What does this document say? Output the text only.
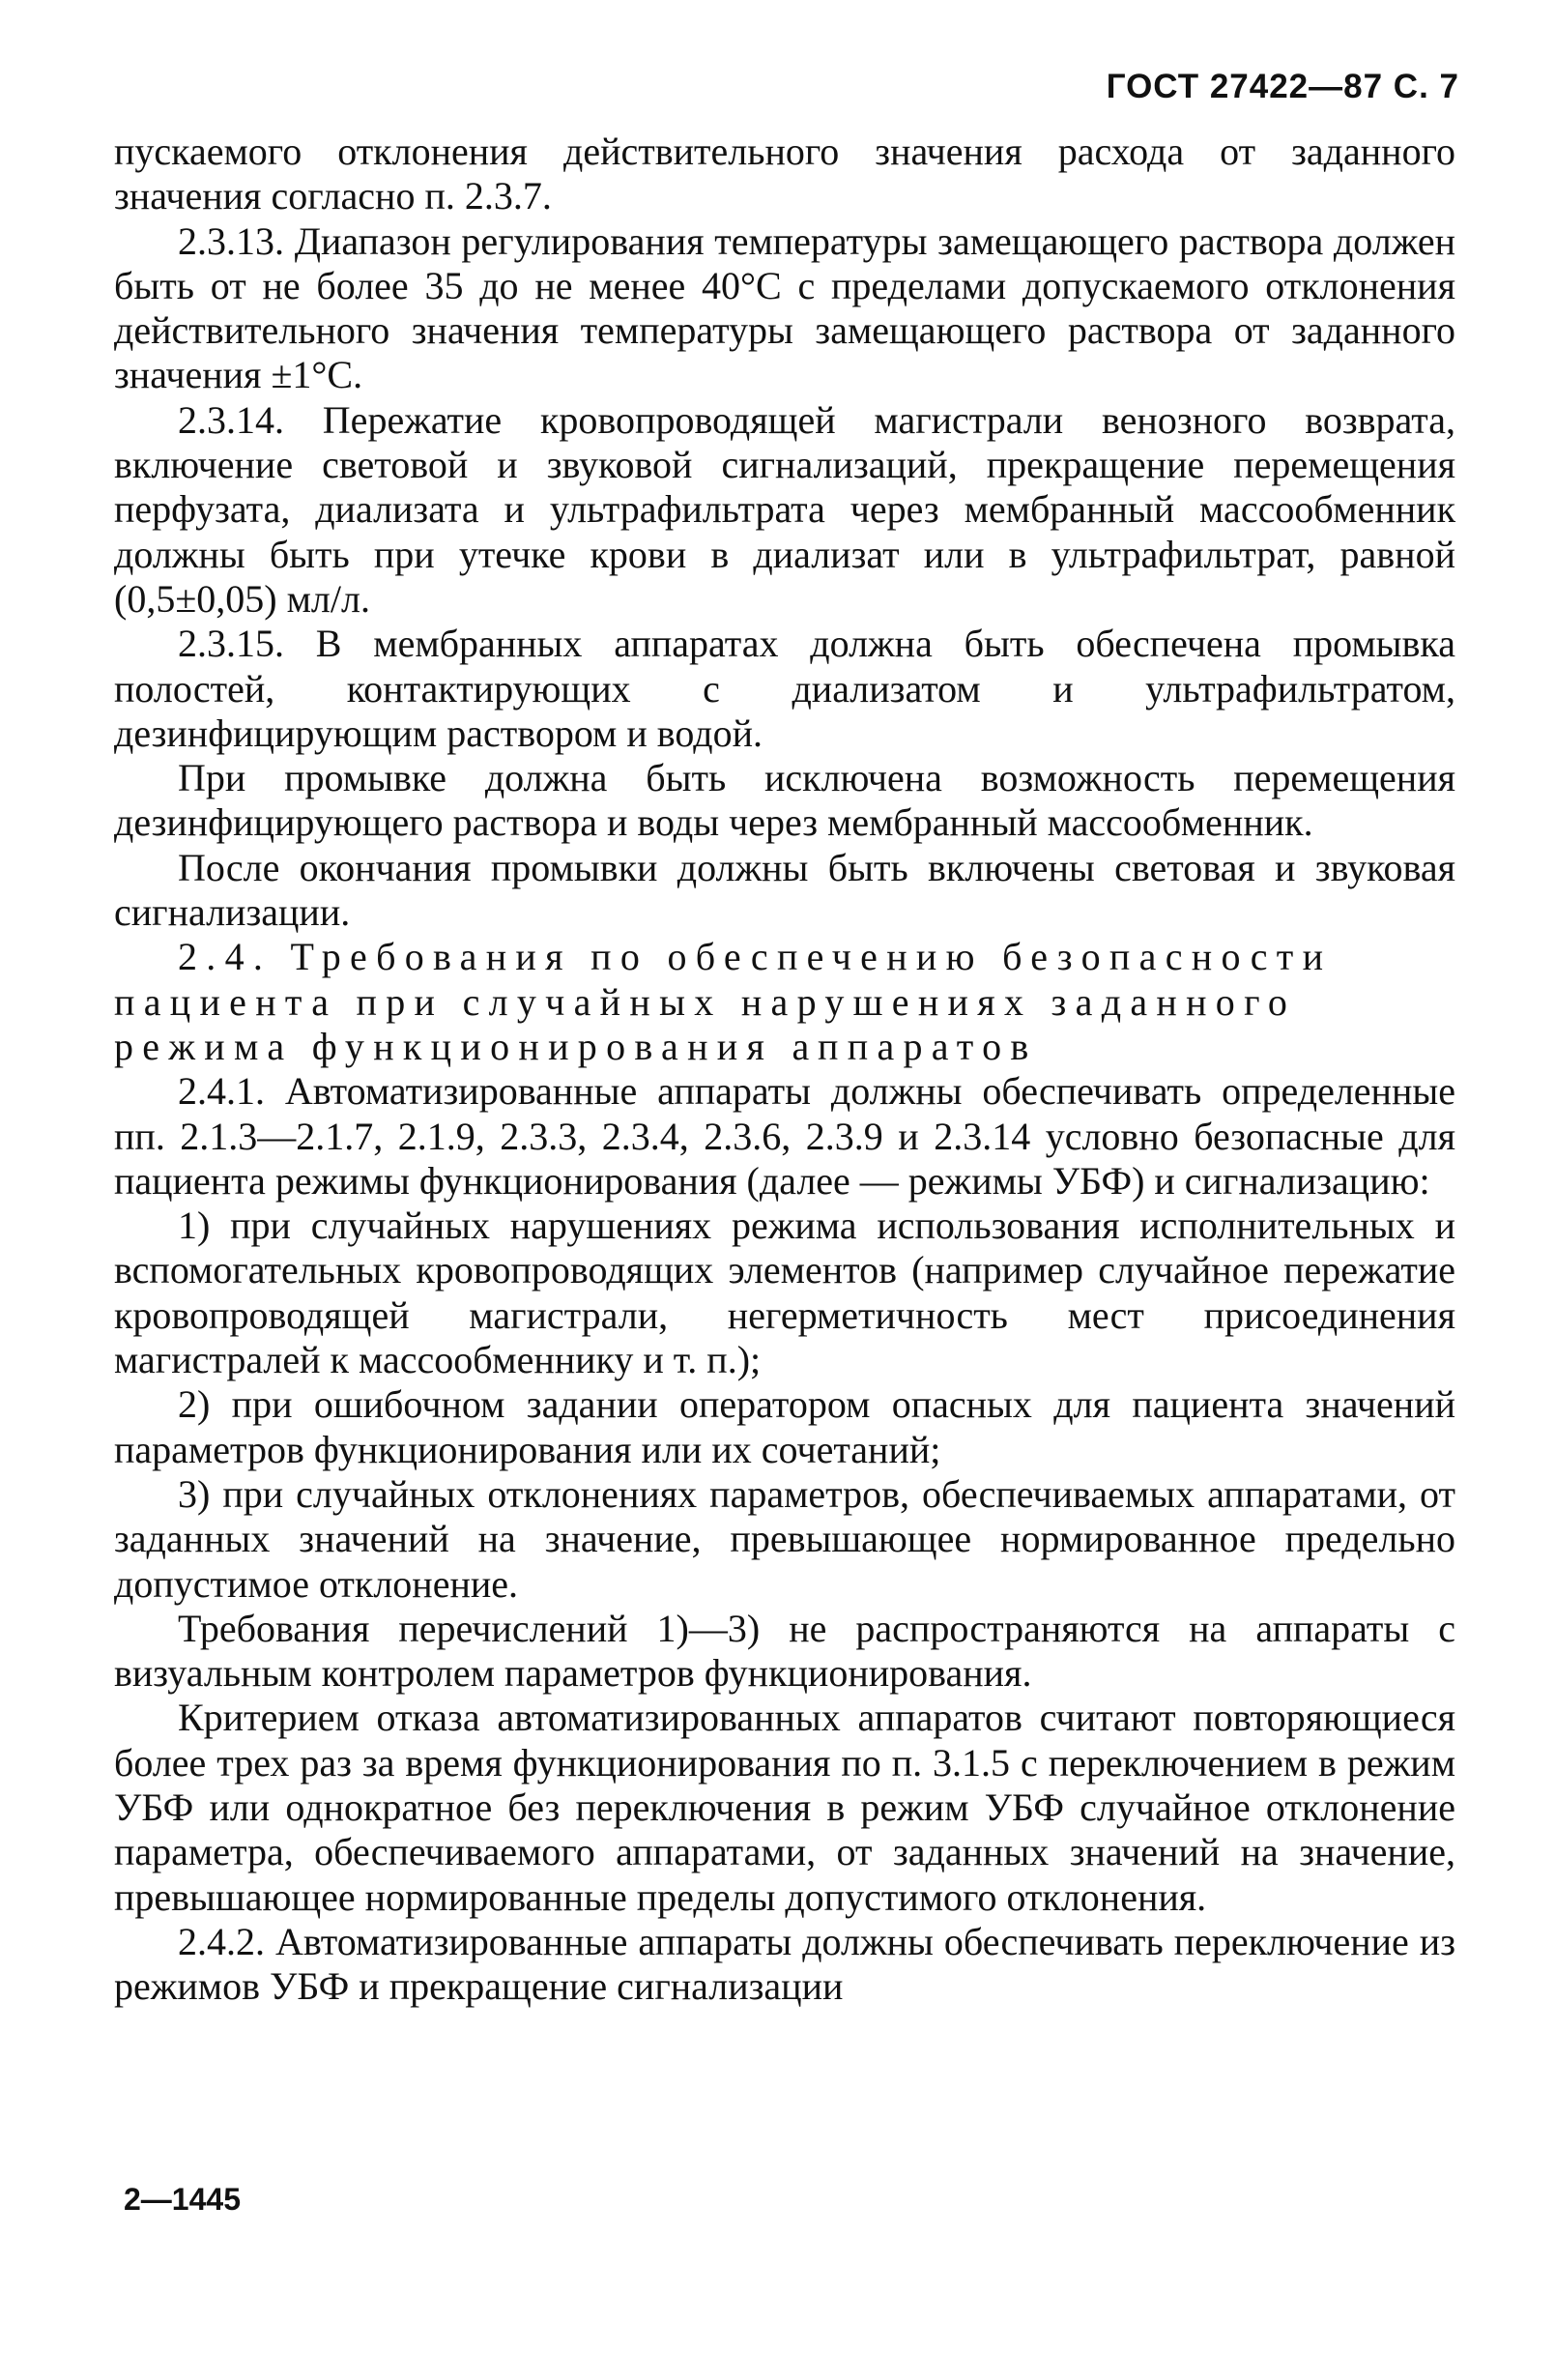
ГОСТ 27422—87 С. 7

пускаемого отклонения действительного значения расхода от заданного значения согласно п. 2.3.7.

2.3.13. Диапазон регулирования температуры замещающего раствора должен быть от не более 35 до не менее 40°С с пределами допускаемого отклонения действительного значения температуры замещающего раствора от заданного значения ±1°С.

2.3.14. Пережатие кровопроводящей магистрали венозного возврата, включение световой и звуковой сигнализаций, прекращение перемещения перфузата, диализата и ультрафильтрата через мембранный массообменник должны быть при утечке крови в диализат или в ультрафильтрат, равной (0,5±0,05) мл/л.

2.3.15. В мембранных аппаратах должна быть обеспечена промывка полостей, контактирующих с диализатом и ультрафильтратом, дезинфицирующим раствором и водой.

При промывке должна быть исключена возможность перемещения дезинфицирующего раствора и воды через мембранный массообменник.

После окончания промывки должны быть включены световая и звуковая сигнализации.

2.4. Требования по обеспечению безопасности пациента при случайных нарушениях заданного режима функционирования аппаратов

2.4.1. Автоматизированные аппараты должны обеспечивать определенные пп. 2.1.3—2.1.7, 2.1.9, 2.3.3, 2.3.4, 2.3.6, 2.3.9 и 2.3.14 условно безопасные для пациента режимы функционирования (далее — режимы УБФ) и сигнализацию:

1) при случайных нарушениях режима использования исполнительных и вспомогательных кровопроводящих элементов (например случайное пережатие кровопроводящей магистрали, негерметичность мест присоединения магистралей к массообменнику и т. п.);

2) при ошибочном задании оператором опасных для пациента значений параметров функционирования или их сочетаний;

3) при случайных отклонениях параметров, обеспечиваемых аппаратами, от заданных значений на значение, превышающее нормированное предельно допустимое отклонение.

Требования перечислений 1)—3) не распространяются на аппараты с визуальным контролем параметров функционирования.

Критерием отказа автоматизированных аппаратов считают повторяющиеся более трех раз за время функционирования по п. 3.1.5 с переключением в режим УБФ или однократное без переключения в режим УБФ случайное отклонение параметра, обеспечиваемого аппаратами, от заданных значений на значение, превышающее нормированные пределы допустимого отклонения.

2.4.2. Автоматизированные аппараты должны обеспечивать переключение из режимов УБФ и прекращение сигнализации

2—1445
